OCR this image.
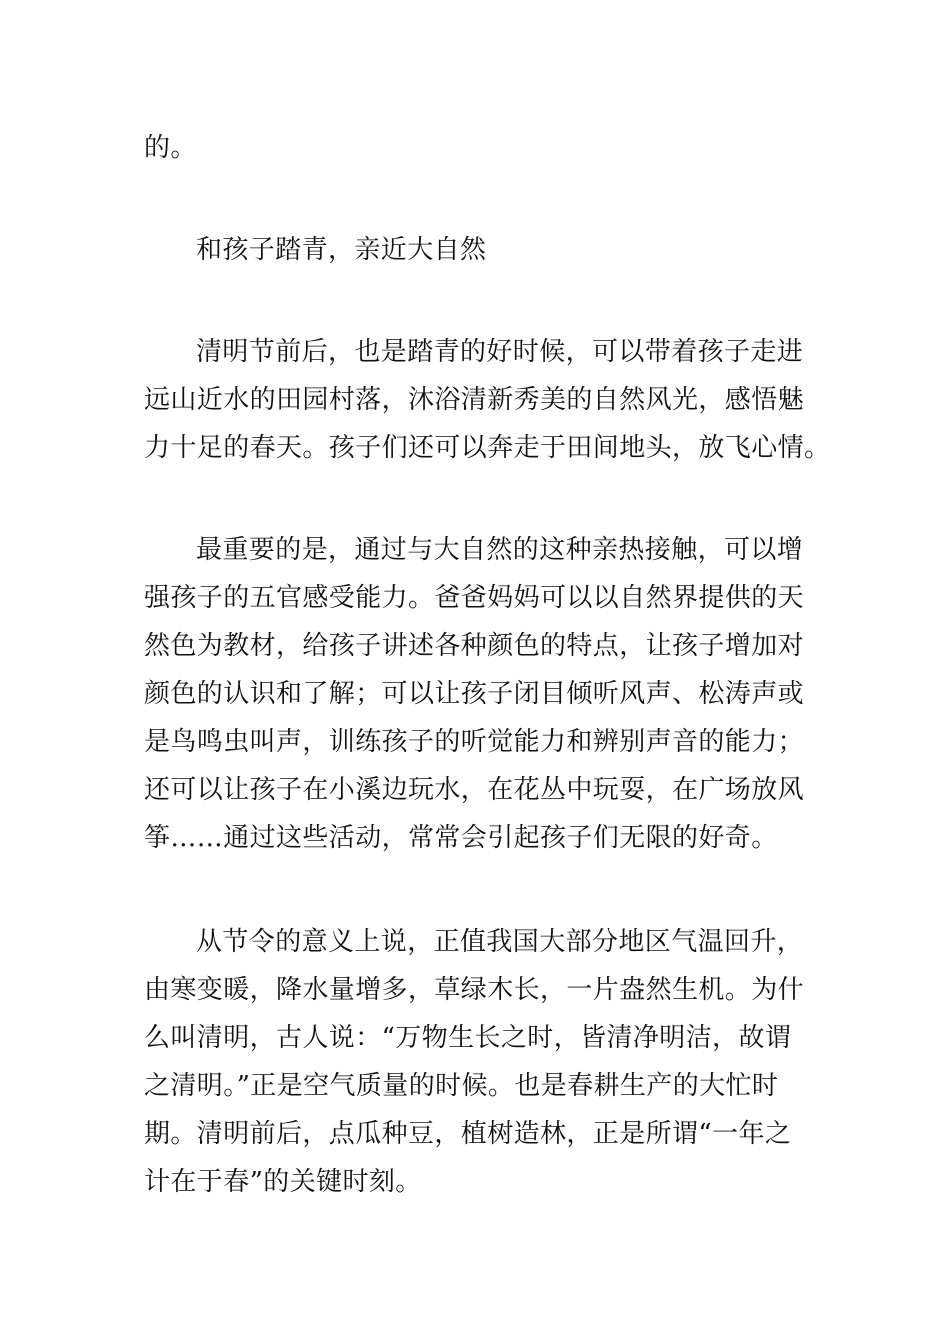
的。

和孩子踏青，亲近大自然

清明节前后，也是踏青的好时候，可以带着孩子走进

远山近水的田园村落，沐浴清新秀美的自然风光，感悟魅

力十足的春天。孩子们还可以奔走于田间地头，放飞心情。

最重要的是，通过与大自然的这种亲热接触，可以增

强孩子的五官感受能力。爸爸妈妈可以以自然界提供的天

然色为教材，给孩子讲述各种颜色的特点，让孩子增加对

颜色的认识和了解；可以让孩子闭目倾听风声、松涛声或

是鸟鸣虫叫声，训练孩子的听觉能力和辨别声音的能力；

还可以让孩子在小溪边玩水，在花丛中玩耍，在广场放风

筝……通过这些活动，常常会引起孩子们无限的好奇。

从节令的意义上说，正值我国大部分地区气温回升，

由寒变暖，降水量增多，草绿木长，一片盎然生机。为什

么叫清明，古人说：“万物生长之时，皆清净明洁，故谓

之清明。”正是空气质量的时候。也是春耕生产的大忙时

期。清明前后，点瓜种豆，植树造林，正是所谓“一年之

计在于春”的关键时刻。
